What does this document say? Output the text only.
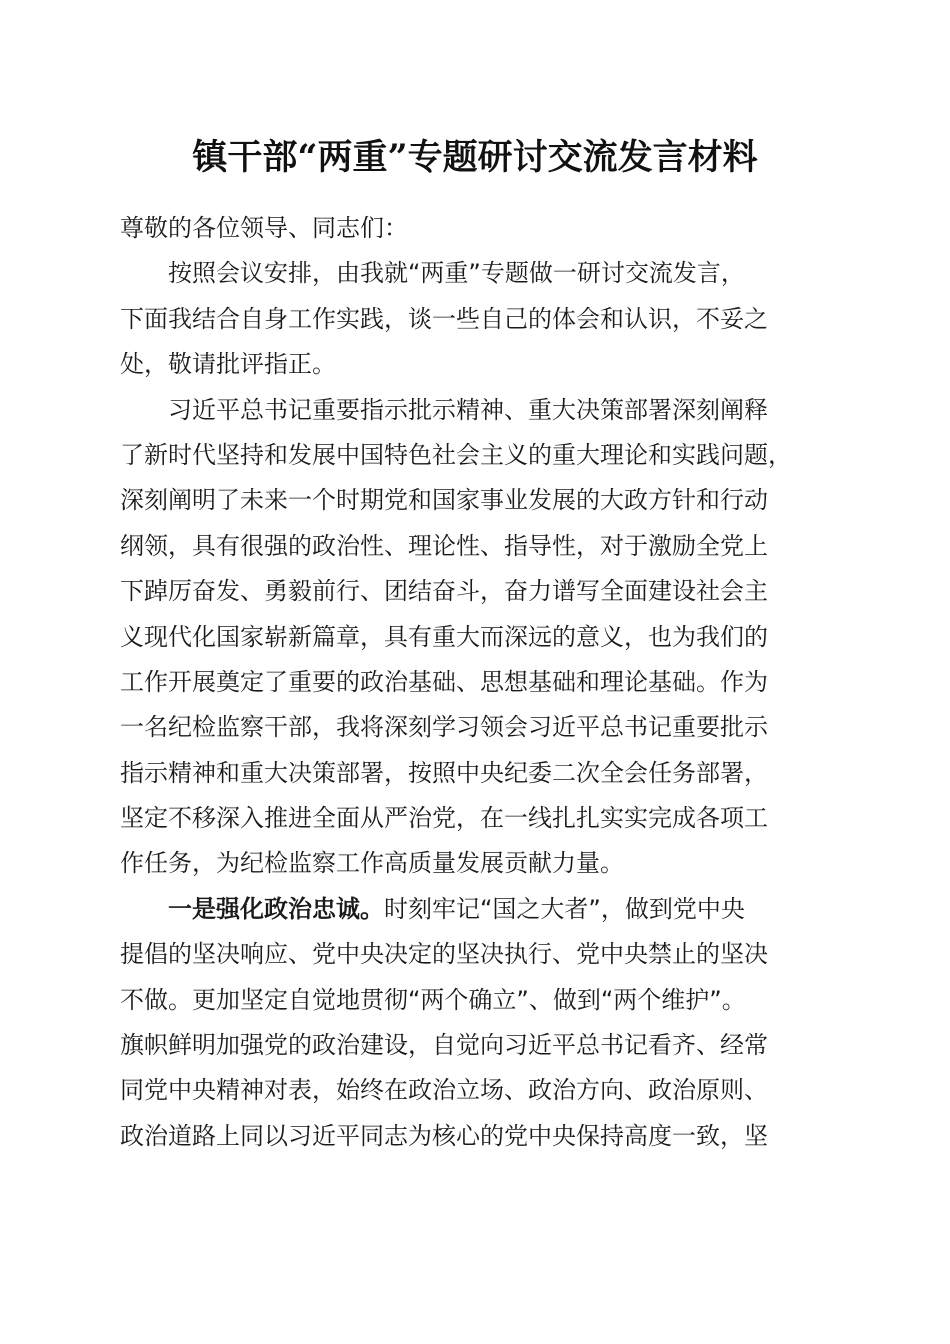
镇干部“两重”专题研讨交流发言材料
尊敬的各位领导、同志们：
按照会议安排，由我就“两重”专题做一研讨交流发言，
下面我结合自身工作实践，谈一些自己的体会和认识，不妥之
处，敬请批评指正。
习近平总书记重要指示批示精神、重大决策部署深刻阐释
了新时代坚持和发展中国特色社会主义的重大理论和实践问题，
深刻阐明了未来一个时期党和国家事业发展的大政方针和行动
纲领，具有很强的政治性、理论性、指导性，对于激励全党上
下踔厉奋发、勇毅前行、团结奋斗，奋力谱写全面建设社会主
义现代化国家崭新篇章，具有重大而深远的意义，也为我们的
工作开展奠定了重要的政治基础、思想基础和理论基础。作为
一名纪检监察干部，我将深刻学习领会习近平总书记重要批示
指示精神和重大决策部署，按照中央纪委二次全会任务部署，
坚定不移深入推进全面从严治党，在一线扎扎实实完成各项工
作任务，为纪检监察工作高质量发展贡献力量。
一是强化政治忠诚。时刻牢记“国之大者”，做到党中央
提倡的坚决响应、党中央决定的坚决执行、党中央禁止的坚决
不做。更加坚定自觉地贯彻“两个确立”、做到“两个维护”。
旗帜鲜明加强党的政治建设，自觉向习近平总书记看齐、经常
同党中央精神对表，始终在政治立场、政治方向、政治原则、
政治道路上同以习近平同志为核心的党中央保持高度一致，坚
